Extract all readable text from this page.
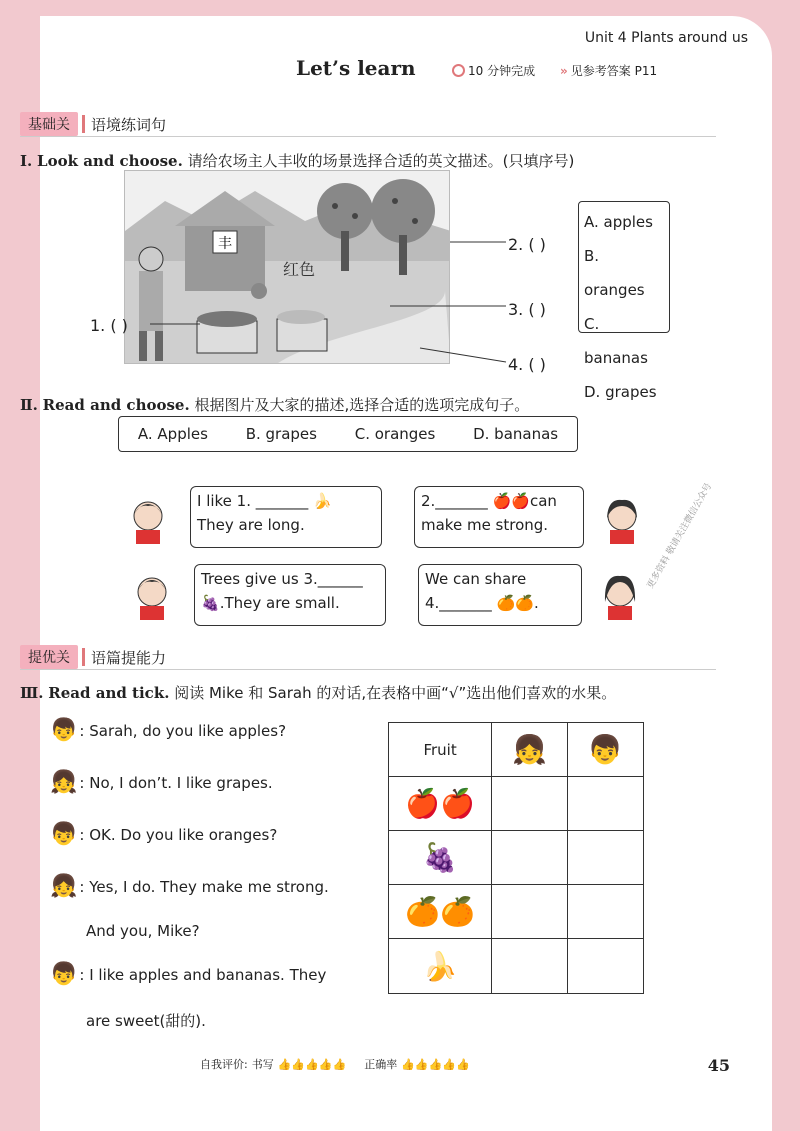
Unit 4 Plants around us
Let’s learn	10 分钟完成 » 见参考答案 P11
基础关	语境练词句
Ⅰ. Look and choose. 请给农场主人丰收的场景选择合适的英文描述。(只填序号)
丰
红色
1. ( )
2. ( )
3. ( )
4. ( )
A. apples
B. oranges
C. bananas
D. grapes
Ⅱ. Read and choose. 根据图片及大家的描述,选择合适的选项完成句子。
A. Apples	B. grapes	C. oranges	D. bananas
I like 1. _______ 🍌
They are long.
2._______ 🍎🍎can
make me strong.
Trees give us 3.______
🍇.They are small.
We can share
4._______ 🍊🍊.
更多资料 敬请关注微信公众号
提优关	语篇提能力
Ⅲ. Read and tick. 阅读 Mike 和 Sarah 的对话,在表格中画“√”选出他们喜欢的水果。
👦 : Sarah, do you like apples?
👧 : No, I don’t. I like grapes.
👦 : OK. Do you like oranges?
👧 : Yes, I do. They make me strong.
And you, Mike?
👦 : I like apples and bananas. They
are sweet(甜的).
Fruit	👧	👦
🍎🍎
🍇
🍊🍊
🍌
自我评价: 书写 👍👍👍👍👍 正确率 👍👍👍👍👍	45
